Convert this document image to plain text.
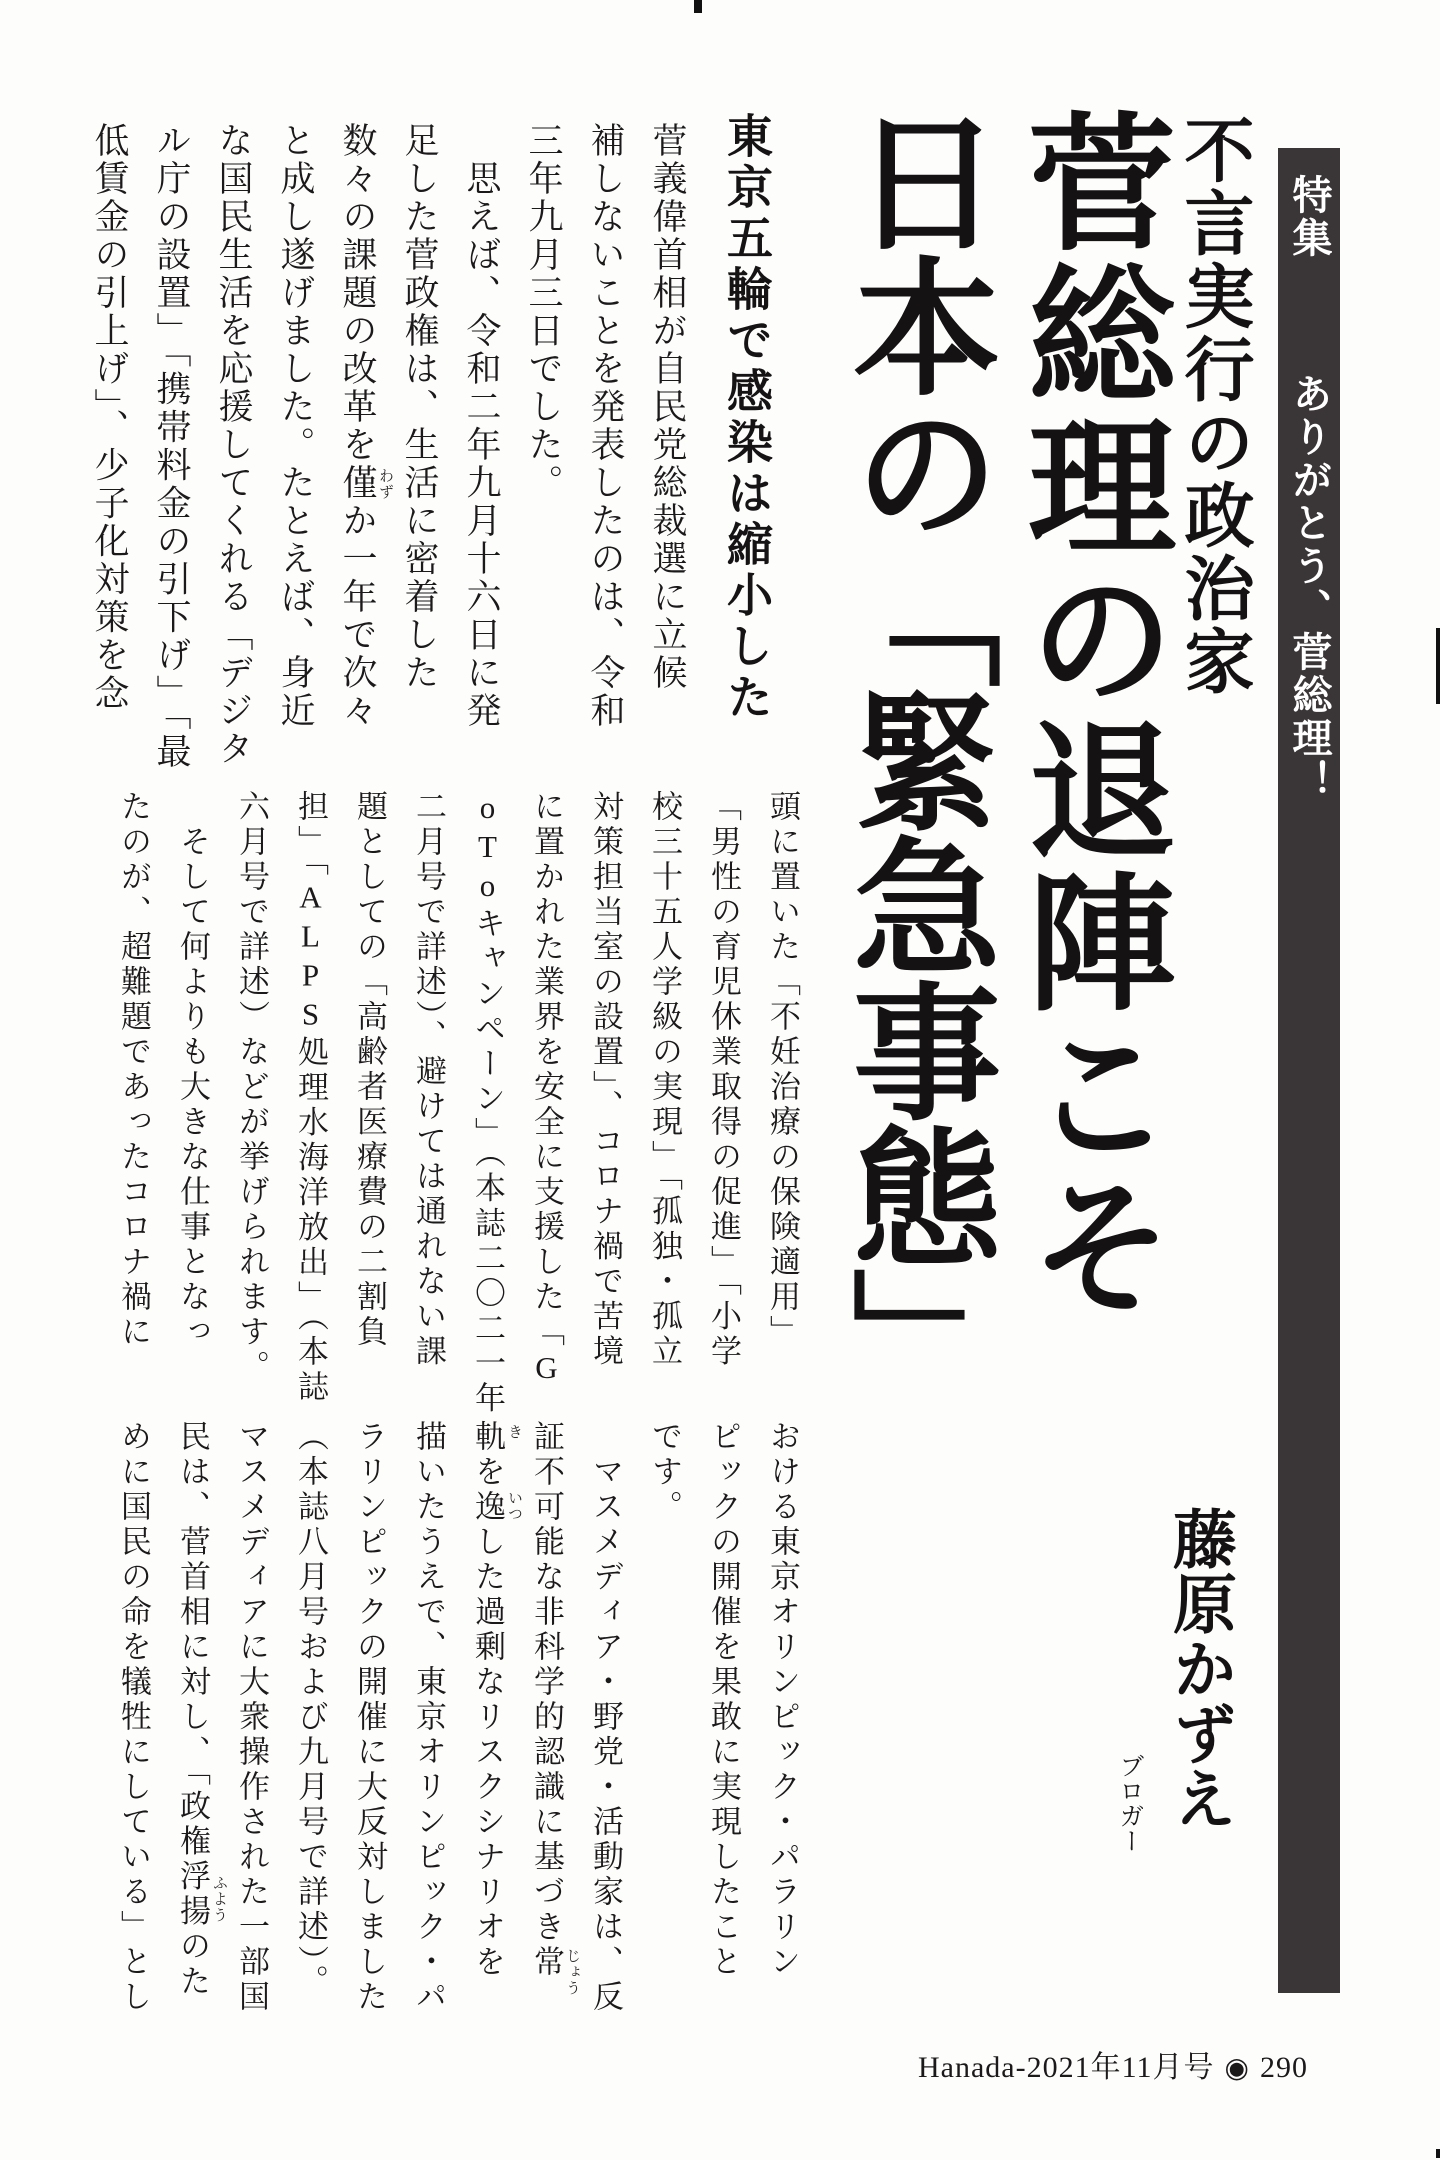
特集 ありがとう、菅総理！
不言実行の政治家
菅総理の退陣こそ
日本の「緊急事態」
東京五輪で感染は縮小した

菅義偉首相が自民党総裁選に立候

補しないことを発表したのは、令和

三年九月三日でした。

　思えば、令和二年九月十六日に発

足した菅政権は、生活に密着した

数々の課題の改革を僅か一年で次々

と成し遂げました。たとえば、身近

な国民生活を応援してくれる「デジタ

ル庁の設置」「携帯料金の引下げ」「最

低賃金の引上げ」、少子化対策を念	わず

頭に置いた「不妊治療の保険適用」

「男性の育児休業取得の促進」「小学

校三十五人学級の実現」「孤独・孤立

対策担当室の設置」、コロナ禍で苦境

に置かれた業界を安全に支援した「G

oToキャンペーン」（本誌二〇二一年

二月号で詳述）、避けては通れない課

題としての「高齢者医療費の二割負

担」「ALPS処理水海洋放出」（本誌

六月号で詳述）などが挙げられます。

　そして何よりも大きな仕事となっ

たのが、超難題であったコロナ禍に

おける東京オリンピック・パラリン

ピックの開催を果敢に実現したこと

です。

　マスメディア・野党・活動家は、反

証不可能な非科学的認識に基づき常

軌を逸した過剰なリスクシナリオを

描いたうえで、東京オリンピック・パ

ラリンピックの開催に大反対しました

（本誌八月号および九月号で詳述）。

マスメディアに大衆操作された一部国

民は、菅首相に対し、「政権浮揚のた

めに国民の命を犠牲にしている」とし	じょう
き
いつ
ふよう
藤原かずえ
ブロガー
Hanada-2021年11月号 ◉ 290
